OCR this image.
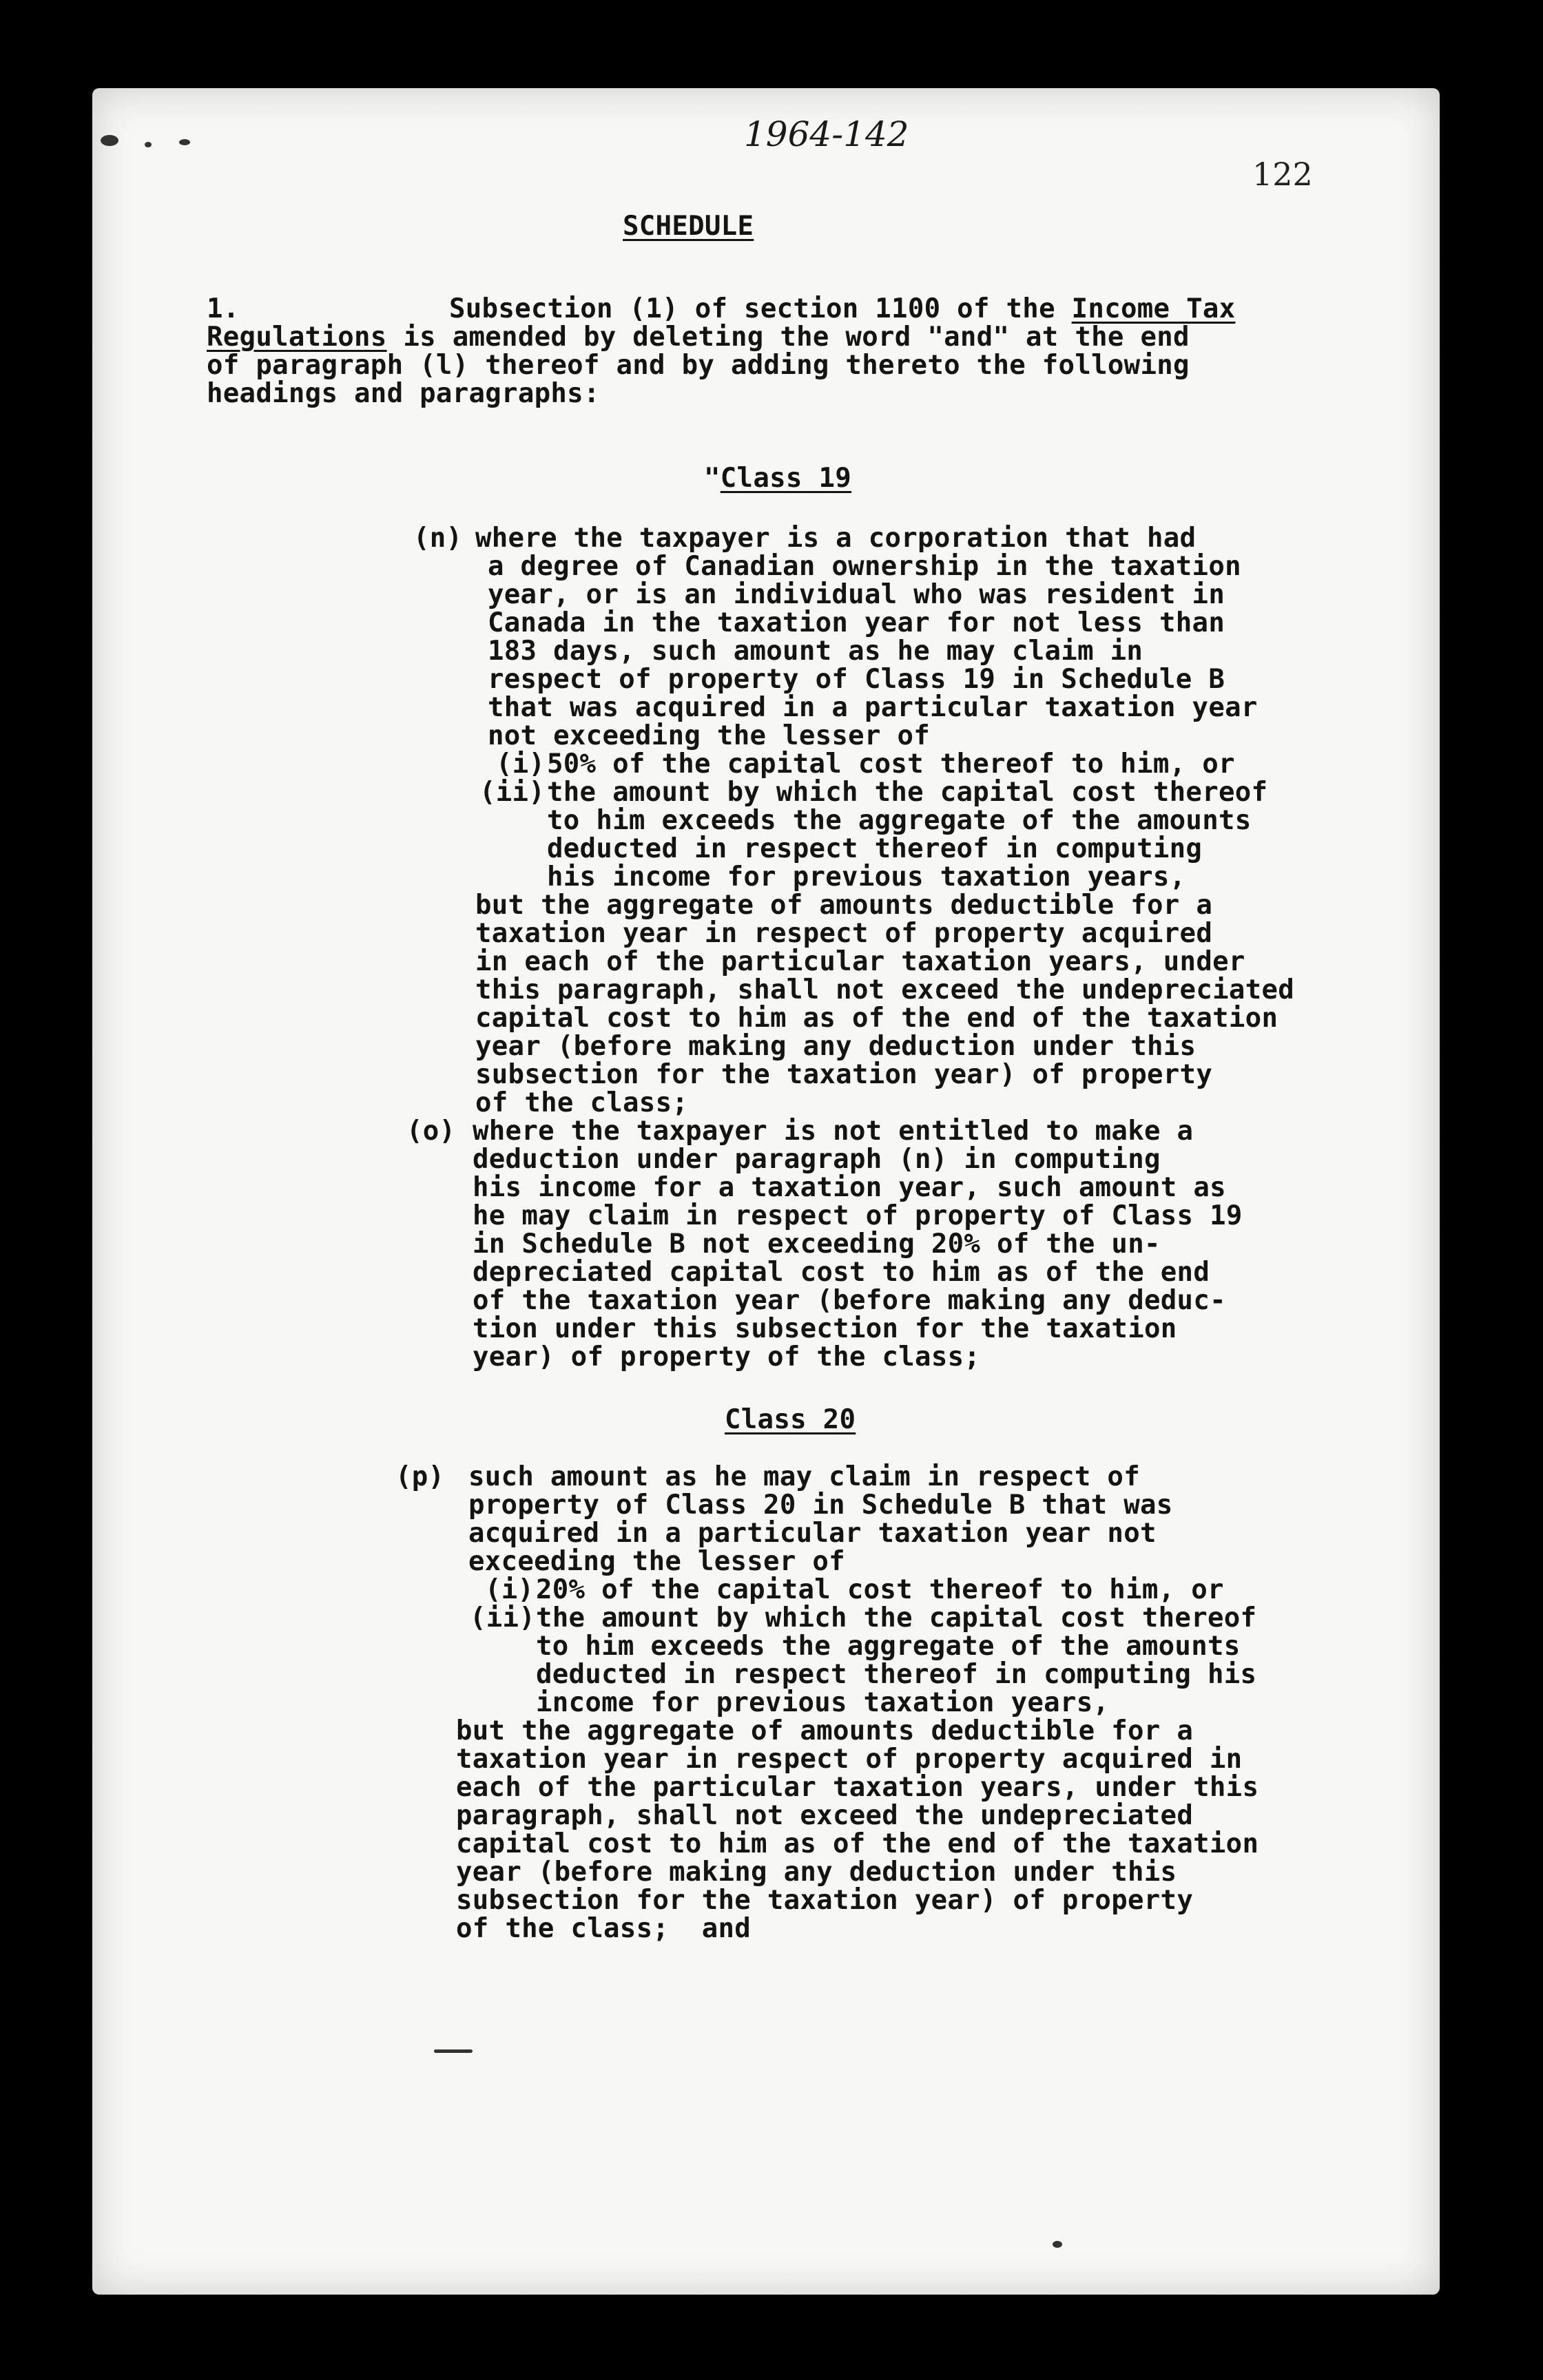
1964-142
122

SCHEDULE

1.	Subsection (1) of section 1100 of the Income Tax

Regulations is amended by deleting the word "and" at the end

of paragraph (l) thereof and by adding thereto the following

headings and paragraphs:

"Class 19

(n) where the taxpayer is a corporation that had

a degree of Canadian ownership in the taxation

year, or is an individual who was resident in

Canada in the taxation year for not less than

183 days, such amount as he may claim in

respect of property of Class 19 in Schedule B

that was acquired in a particular taxation year

not exceeding the lesser of

(i) 50% of the capital cost thereof to him, or

(ii) the amount by which the capital cost thereof

to him exceeds the aggregate of the amounts

deducted in respect thereof in computing

his income for previous taxation years,

but the aggregate of amounts deductible for a

taxation year in respect of property acquired

in each of the particular taxation years, under

this paragraph, shall not exceed the undepreciated

capital cost to him as of the end of the taxation

year (before making any deduction under this

subsection for the taxation year) of property

of the class;

(o) where the taxpayer is not entitled to make a

deduction under paragraph (n) in computing

his income for a taxation year, such amount as

he may claim in respect of property of Class 19

in Schedule B not exceeding 20% of the un-

depreciated capital cost to him as of the end

of the taxation year (before making any deduc-

tion under this subsection for the taxation

year) of property of the class;

Class 20

(p) such amount as he may claim in respect of

property of Class 20 in Schedule B that was

acquired in a particular taxation year not

exceeding the lesser of

(i) 20% of the capital cost thereof to him, or

(ii) the amount by which the capital cost thereof

to him exceeds the aggregate of the amounts

deducted in respect thereof in computing his

income for previous taxation years,

but the aggregate of amounts deductible for a

taxation year in respect of property acquired in

each of the particular taxation years, under this

paragraph, shall not exceed the undepreciated

capital cost to him as of the end of the taxation

year (before making any deduction under this

subsection for the taxation year) of property

of the class;  and
